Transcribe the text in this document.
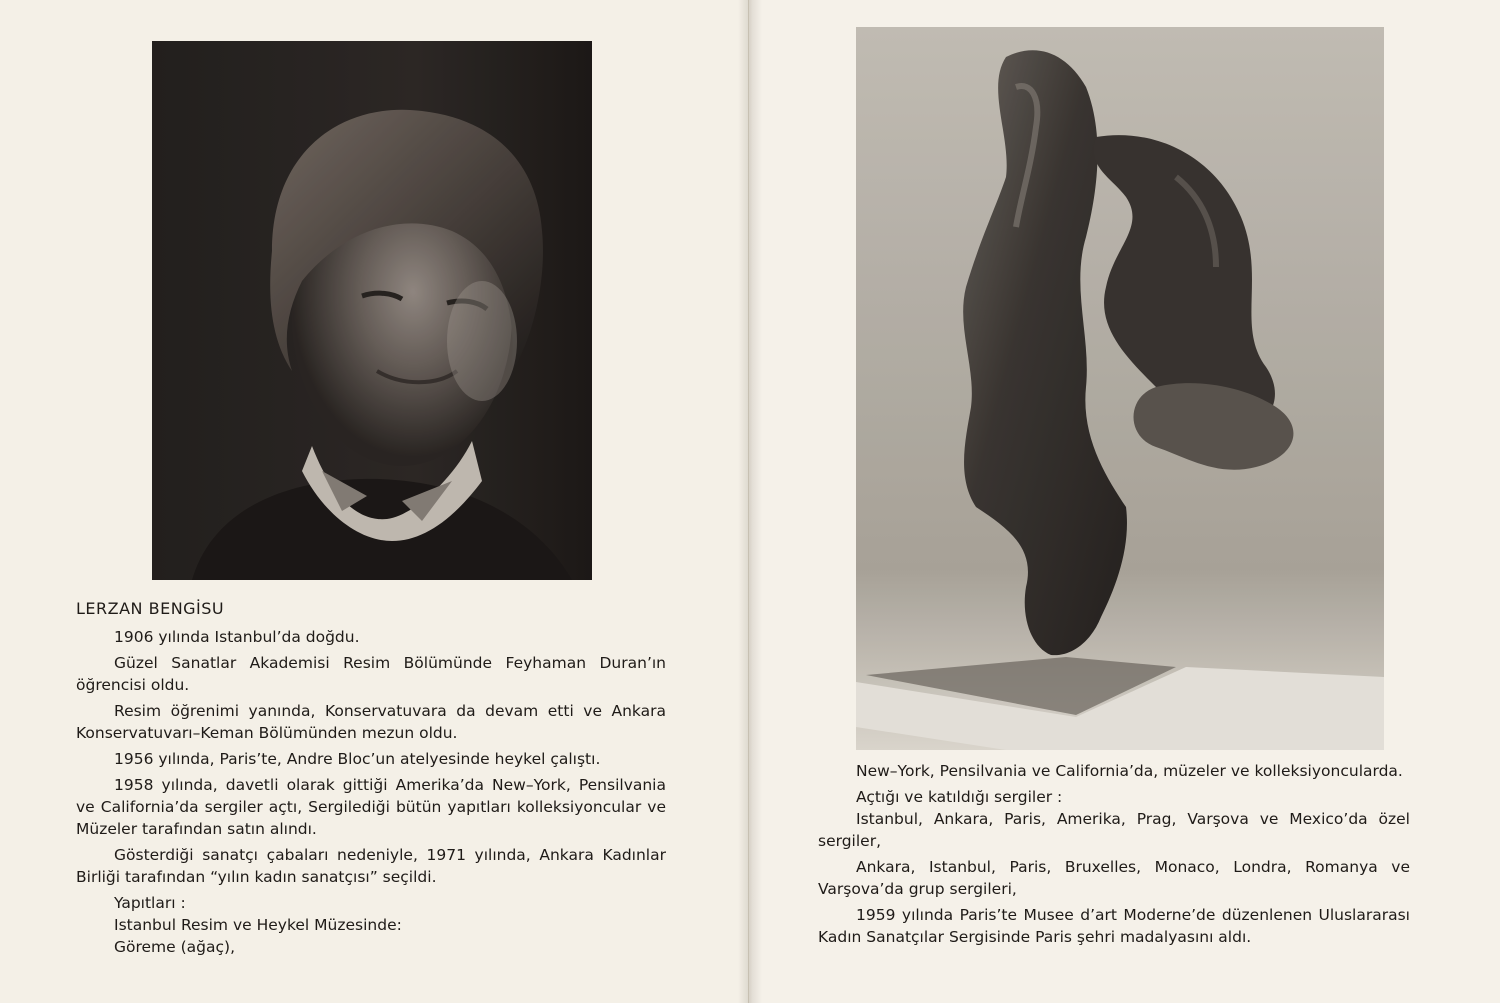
LERZAN BENGİSU
1906 yılında Istanbul’da doğdu.
Güzel Sanatlar Akademisi Resim Bölümünde Feyhaman Duran’ın öğrencisi oldu.
Resim öğrenimi yanında, Konservatuvara da devam etti ve Ankara Konservatuvarı–Keman Bölümünden mezun oldu.
1956 yılında, Paris’te, Andre Bloc’un atelyesinde heykel çalıştı.
1958 yılında, davetli olarak gittiği Amerika’da New–York, Pensilvania ve California’da sergiler açtı, Sergilediği bütün yapıtları kolleksiyoncular ve Müzeler tarafından satın alındı.
Gösterdiği sanatçı çabaları nedeniyle, 1971 yılında, Ankara Kadınlar Birliği tarafından “yılın kadın sanatçısı” seçildi.
Yapıtları :
Istanbul Resim ve Heykel Müzesinde:
Göreme (ağaç),
New–York, Pensilvania ve California’da, müzeler ve kolleksiyoncularda.
Açtığı ve katıldığı sergiler :
Istanbul, Ankara, Paris, Amerika, Prag, Varşova ve Mexico’da özel sergiler,
Ankara, Istanbul, Paris, Bruxelles, Monaco, Londra, Romanya ve Varşova’da grup sergileri,
1959 yılında Paris’te Musee d’art Moderne’de düzenlenen Uluslararası Kadın Sanatçılar Sergisinde Paris şehri madalyasını aldı.
